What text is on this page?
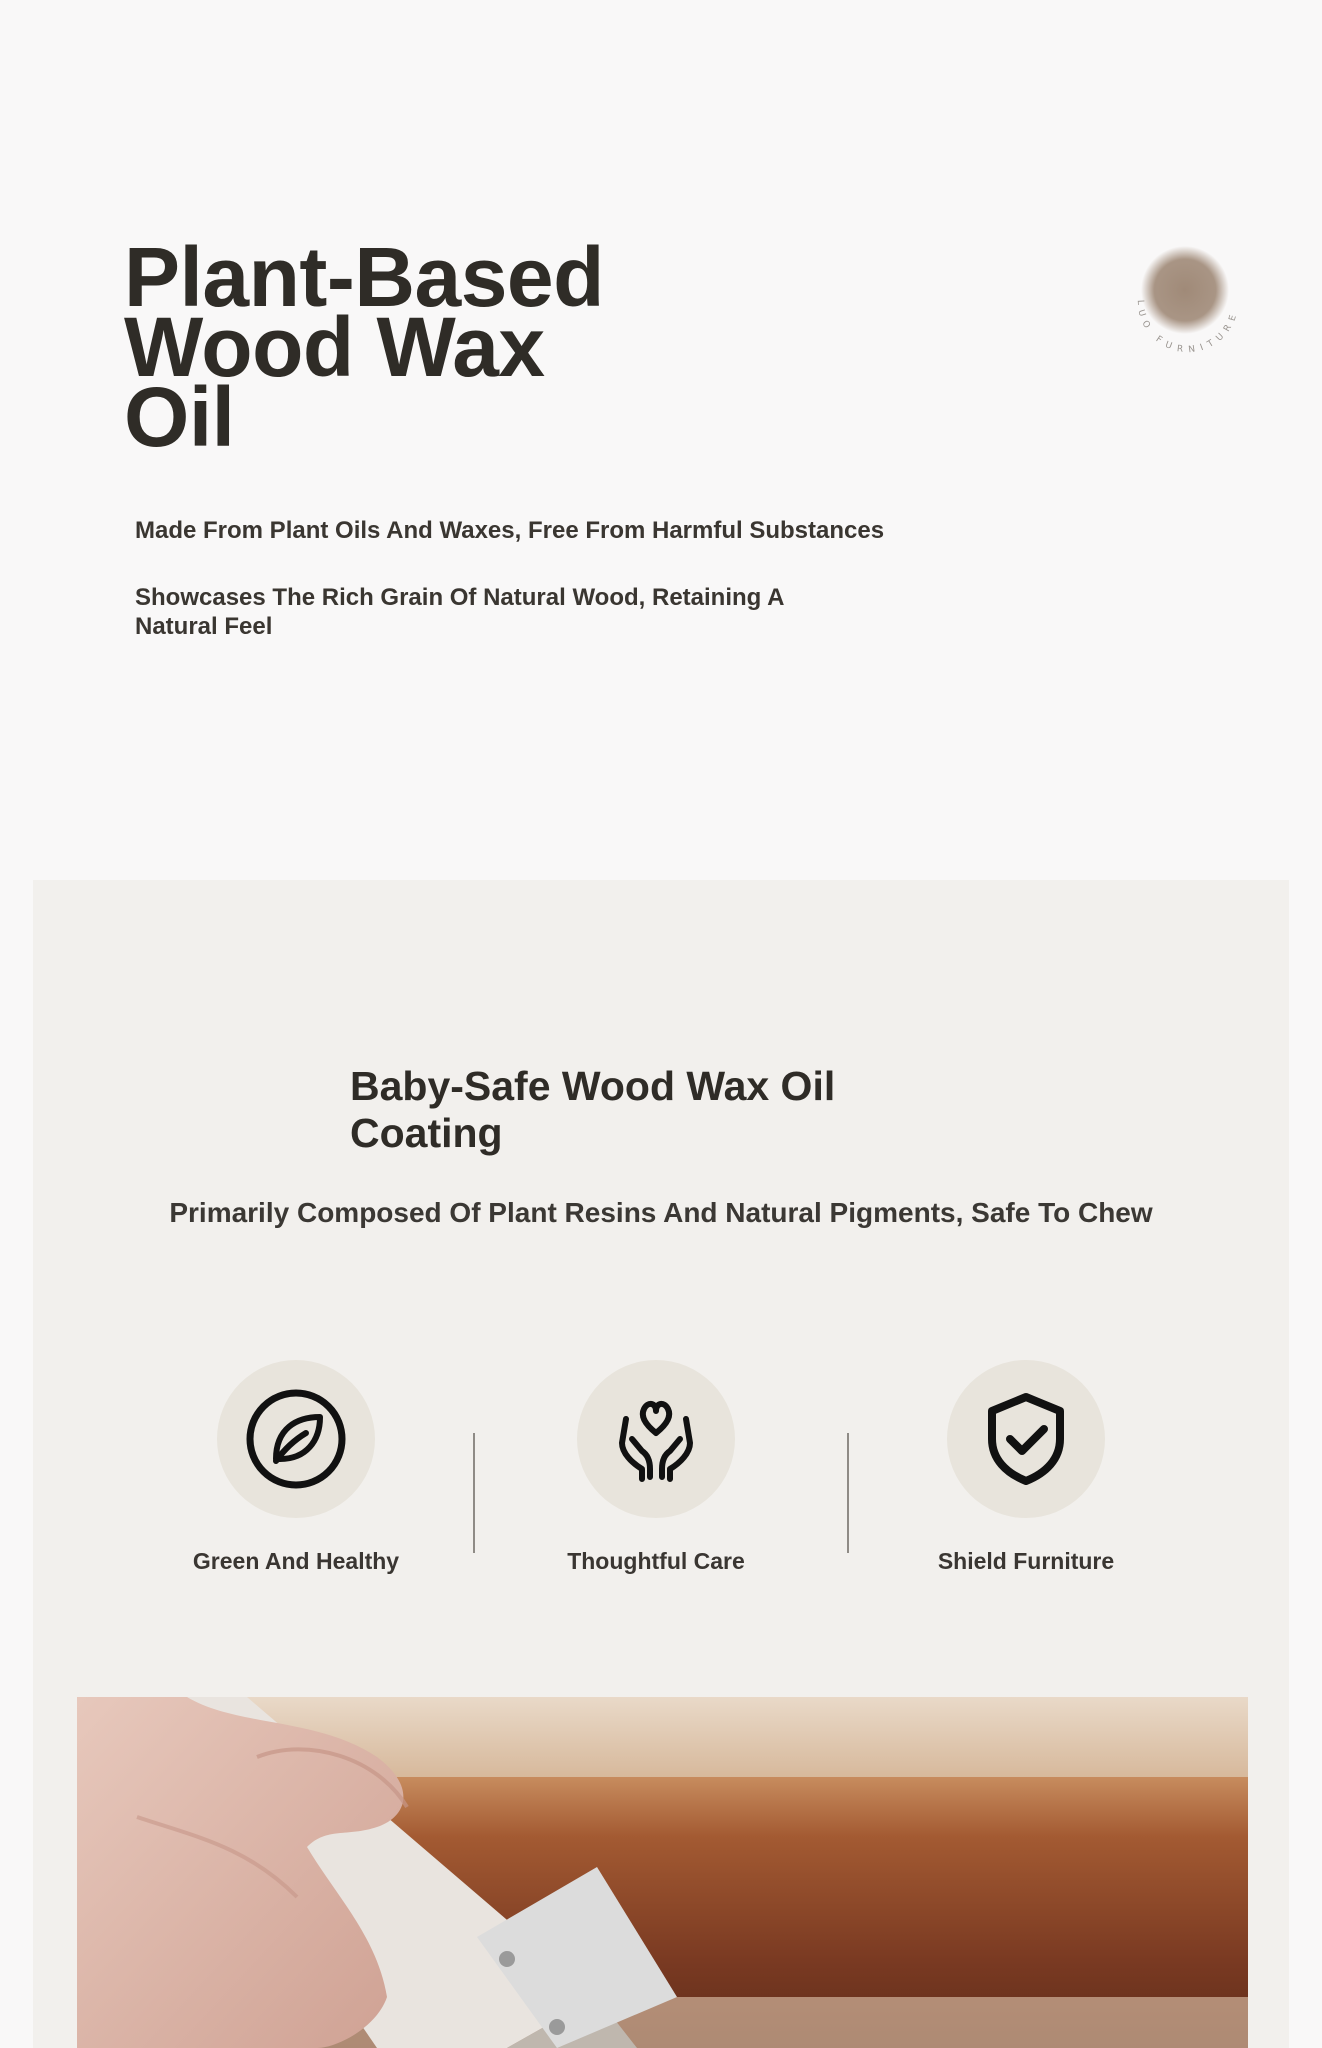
Plant-Based
Wood Wax
Oil
Made From Plant Oils And Waxes, Free From Harmful Substances
Showcases The Rich Grain Of Natural Wood, Retaining A Natural Feel
LUO FURNITURE
Baby-Safe Wood Wax Oil Coating
Primarily Composed Of Plant Resins And Natural Pigments, Safe To Chew
Green And Healthy	Thoughtful Care	Shield Furniture
